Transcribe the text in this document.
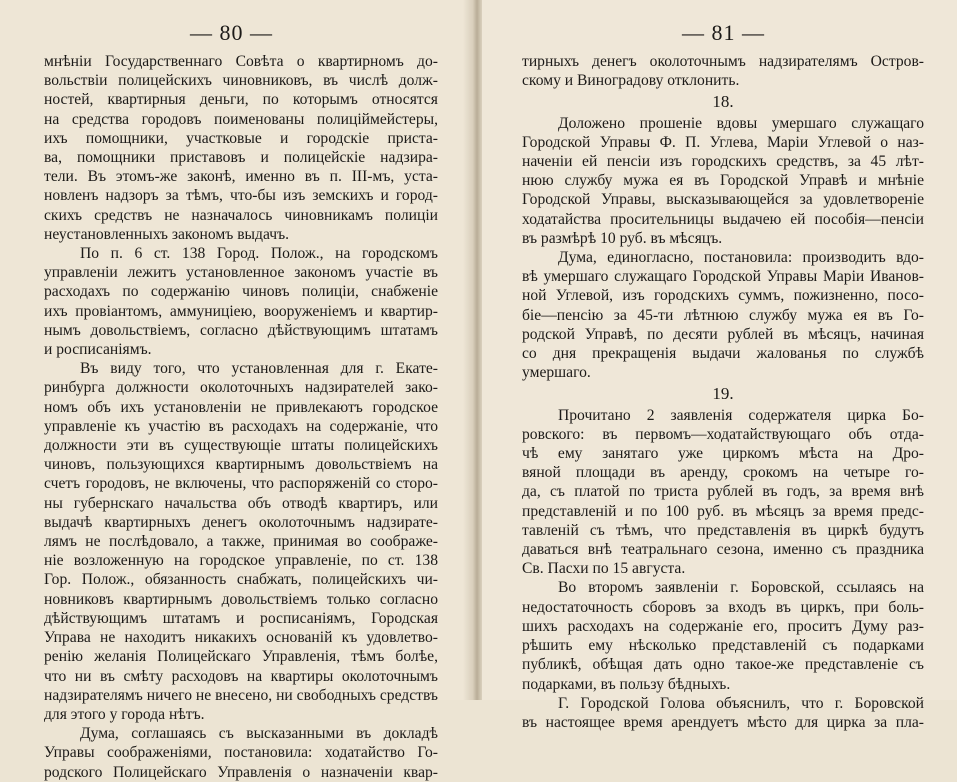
— 80 —
мнѣніи Государственнаго Совѣта о квартирномъ до-
вольствіи полицейскихъ чиновниковъ, въ числѣ долж-
ностей, квартирныя деньги, по которымъ относятся
на средства городовъ поименованы полиціймейстеры,
ихъ помощники, участковые и городскіе приста-
ва, помощники приставовъ и полицейскіе надзира-
тели. Въ этомъ-же законѣ, именно въ п. III-мъ, уста-
новленъ надзоръ за тѣмъ, что-бы изъ земскихъ и город-
скихъ средствъ не назначалось чиновникамъ полиціи
неустановленныхъ закономъ выдачъ.
По п. 6 ст. 138 Город. Полож., на городскомъ
управленіи лежитъ установленное закономъ участіе въ
расходахъ по содержанію чиновъ полиціи, снабженіе
ихъ провіантомъ, аммуниціею, вооруженіемъ и квартир-
нымъ довольствіемъ, согласно дѣйствующимъ штатамъ
и росписаніямъ.
Въ виду того, что установленная для г. Екате-
ринбурга должности околоточныхъ надзирателей зако-
номъ объ ихъ установленіи не привлекаютъ городское
управленіе къ участію въ расходахъ на содержаніе, что
должности эти въ существующіе штаты полицейскихъ
чиновъ, пользующихся квартирнымъ довольствіемъ на
счетъ городовъ, не включены, что распоряженій со сторо-
ны губернскаго начальства объ отводѣ квартиръ, или
выдачѣ квартирныхъ денегъ околоточнымъ надзирате-
лямъ не послѣдовало, а также, принимая во соображе-
ніе возложенную на городское управленіе, по ст. 138
Гор. Полож., обязанность снабжать, полицейскихъ чи-
новниковъ квартирнымъ довольствіемъ только согласно
дѣйствующимъ штатамъ и росписаніямъ, Городская
Управа не находитъ никакихъ основаній къ удовлетво-
ренію желанія Полицейскаго Управленія, тѣмъ болѣе,
что ни въ смѣту расходовъ на квартиры околоточнымъ
надзирателямъ ничего не внесено, ни свободныхъ средствъ
для этого у города нѣтъ.
Дума, соглашаясь съ высказанными въ докладѣ
Управы соображеніями, постановила: ходатайство Го-
родского Полицейскаго Управленія о назначеніи квар-
— 81 —
тирныхъ денегъ околоточнымъ надзирателямъ Остров-
скому и Виноградову отклонить.
18.
Доложено прошеніе вдовы умершаго служащаго
Городской Управы Ф. П. Углева, Маріи Углевой о наз-
наченіи ей пенсіи изъ городскихъ средствъ, за 45 лѣт-
нюю службу мужа ея въ Городской Управѣ и мнѣніе
Городской Управы, высказывающейся за удовлетвореніе
ходатайства просительницы выдачею ей пособія—пенсіи
въ размѣрѣ 10 руб. въ мѣсяцъ.
Дума, единогласно, постановила: производить вдо-
вѣ умершаго служащаго Городской Управы Маріи Иванов-
ной Углевой, изъ городскихъ суммъ, пожизненно, посо-
біе—пенсію за 45-ти лѣтнюю службу мужа ея въ Го-
родской Управѣ, по десяти рублей въ мѣсяцъ, начиная
со дня прекращенія выдачи жалованья по службѣ
умершаго.
19.
Прочитано 2 заявленія содержателя цирка Бо-
ровского: въ первомъ—ходатайствующаго объ отда-
чѣ ему занятаго уже циркомъ мѣста на Дро-
вяной площади въ аренду, срокомъ на четыре го-
да, съ платой по триста рублей въ годъ, за время внѣ
представленій и по 100 руб. въ мѣсяцъ за время предс-
тавленій съ тѣмъ, что представленія въ циркѣ будутъ
даваться внѣ театральнаго сезона, именно съ праздника
Св. Пасхи по 15 августа.
Во второмъ заявленіи г. Боровской, ссылаясь на
недостаточность сборовъ за входъ въ циркъ, при боль-
шихъ расходахъ на содержаніе его, проситъ Думу раз-
рѣшить ему нѣсколько представленій съ подарками
публикѣ, обѣщая дать одно такое-же представленіе съ
подарками, въ пользу бѣдныхъ.
Г. Городской Голова объяснилъ, что г. Боровской
въ настоящее время арендуетъ мѣсто для цирка за пла-
